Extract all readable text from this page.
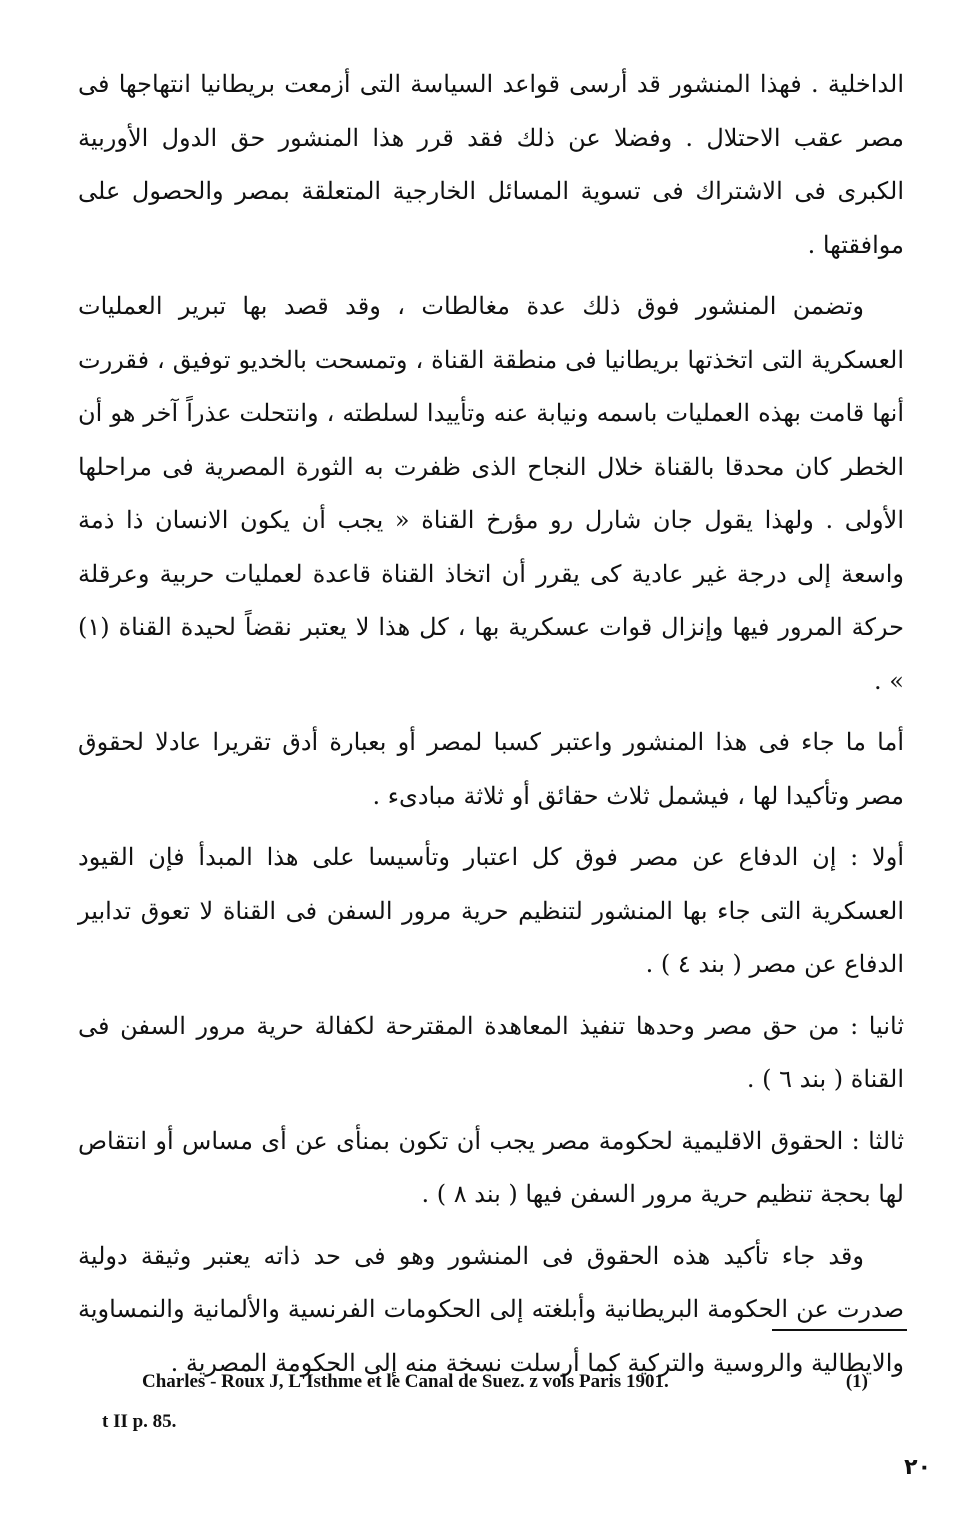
الداخلية . فهذا المنشور قد أرسى قواعد السياسة التى أزمعت بريطانيا انتهاجها فى مصر عقب الاحتلال . وفضلا عن ذلك فقد قرر هذا المنشور حق الدول الأوربية الكبرى فى الاشتراك فى تسوية المسائل الخارجية المتعلقة بمصر والحصول على موافقتها .

وتضمن المنشور فوق ذلك عدة مغالطات ، وقد قصد بها تبرير العمليات العسكرية التى اتخذتها بريطانيا فى منطقة القناة ، وتمسحت بالخديو توفيق ، فقررت أنها قامت بهذه العمليات باسمه ونيابة عنه وتأييدا لسلطته ، وانتحلت عذراً آخر هو أن الخطر كان محدقا بالقناة خلال النجاح الذى ظفرت به الثورة المصرية فى مراحلها الأولى . ولهذا يقول جان شارل رو مؤرخ القناة « يجب أن يكون الانسان ذا ذمة واسعة إلى درجة غير عادية كى يقرر أن اتخاذ القناة قاعدة لعمليات حربية وعرقلة حركة المرور فيها وإنزال قوات عسكرية بها ، كل هذا لا يعتبر نقضاً لحيدة القناة (١) » .

أما ما جاء فى هذا المنشور واعتبر كسبا لمصر أو بعبارة أدق تقريرا عادلا لحقوق مصر وتأكيدا لها ، فيشمل ثلاث حقائق أو ثلاثة مبادىء .

أولا : إن الدفاع عن مصر فوق كل اعتبار وتأسيسا على هذا المبدأ فإن القيود العسكرية التى جاء بها المنشور لتنظيم حرية مرور السفن فى القناة لا تعوق تدابير الدفاع عن مصر ( بند ٤ ) .

ثانيا : من حق مصر وحدها تنفيذ المعاهدة المقترحة لكفالة حرية مرور السفن فى القناة ( بند ٦ ) .

ثالثا : الحقوق الاقليمية لحكومة مصر يجب أن تكون بمنأى عن أى مساس أو انتقاص لها بحجة تنظيم حرية مرور السفن فيها ( بند ٨ ) .

وقد جاء تأكيد هذه الحقوق فى المنشور وهو فى حد ذاته يعتبر وثيقة دولية صدرت عن الحكومة البريطانية وأبلغته إلى الحكومات الفرنسية والألمانية والنمساوية والايطالية والروسية والتركية كما أرسلت نسخة منه إلى الحكومة المصرية .

Charles - Roux J, L'Isthme et le Canal de Suez. z vols Paris 1901.	(1)
t II p. 85.
٢٠
